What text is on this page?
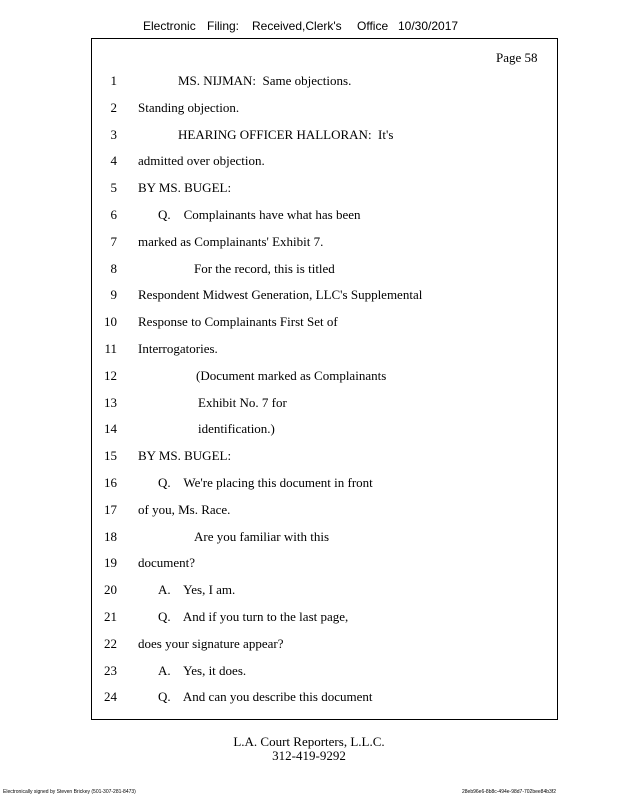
Electronic Filing: Received,Clerk's Office 10/30/2017
Page 58
1	MS. NIJMAN:  Same objections.
2 Standing objection.
3	HEARING OFFICER HALLORAN:  It's
4 admitted over objection.
5 BY MS. BUGEL:
6	Q.    Complainants have what has been
7 marked as Complainants' Exhibit 7.
8	For the record, this is titled
9 Respondent Midwest Generation, LLC's Supplemental
10 Response to Complainants First Set of
11 Interrogatories.
12	(Document marked as Complainants
13	Exhibit No. 7 for
14	identification.)
15 BY MS. BUGEL:
16	Q.    We're placing this document in front
17 of you, Ms. Race.
18	Are you familiar with this
19 document?
20	A.    Yes, I am.
21	Q.    And if you turn to the last page,
22 does your signature appear?
23	A.    Yes, it does.
24	Q.    And can you describe this document
L.A. Court Reporters, L.L.C.
312-419-9292
Electronically signed by Steven Brickey (501-307-281-8473)	28eb96e6-8b8c-494e-98d7-702bee84b3f2
